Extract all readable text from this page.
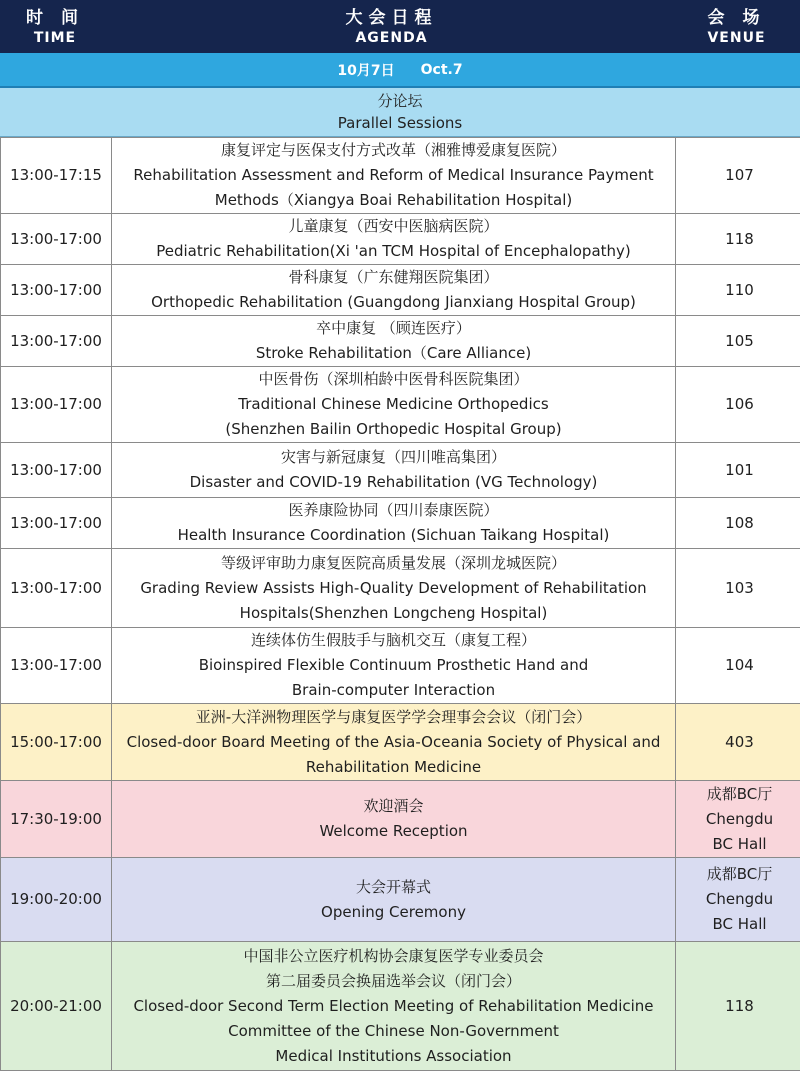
时 间
TIME
大会日程
AGENDA
会 场
VENUE
10月7日 Oct.7
分论坛
Parallel Sessions
13:00-17:15	康复评定与医保支付方式改革（湘雅博爱康复医院）
Rehabilitation Assessment and Reform of Medical Insurance Payment
Methods（Xiangya Boai Rehabilitation Hospital)	107

13:00-17:00	儿童康复（西安中医脑病医院）
Pediatric Rehabilitation(Xi 'an TCM Hospital of Encephalopathy)	118

13:00-17:00	骨科康复（广东健翔医院集团）
Orthopedic Rehabilitation (Guangdong Jianxiang Hospital Group)	110

13:00-17:00	卒中康复 （顾连医疗）
Stroke Rehabilitation（Care Alliance)	105

13:00-17:00	中医骨伤（深圳柏龄中医骨科医院集团）
Traditional Chinese Medicine Orthopedics
(Shenzhen Bailin Orthopedic Hospital Group)	106

13:00-17:00	灾害与新冠康复（四川唯高集团）
Disaster and COVID-19 Rehabilitation (VG Technology)	101

13:00-17:00	医养康险协同（四川泰康医院）
Health Insurance Coordination (Sichuan Taikang Hospital)	108

13:00-17:00	等级评审助力康复医院高质量发展（深圳龙城医院）
Grading Review Assists High-Quality Development of Rehabilitation
Hospitals(Shenzhen Longcheng Hospital)	103

13:00-17:00	连续体仿生假肢手与脑机交互（康复工程）
Bioinspired Flexible Continuum Prosthetic Hand and
Brain-computer Interaction	104

15:00-17:00	亚洲-大洋洲物理医学与康复医学学会理事会会议（闭门会）
Closed-door Board Meeting of the Asia-Oceania Society of Physical and
Rehabilitation Medicine	403

17:30-19:00	欢迎酒会
Welcome Reception	成都BC厅
Chengdu
BC Hall

19:00-20:00	大会开幕式
Opening Ceremony	成都BC厅
Chengdu
BC Hall

20:00-21:00	中国非公立医疗机构协会康复医学专业委员会
第二届委员会换届选举会议（闭门会）
Closed-door Second Term Election Meeting of Rehabilitation Medicine
Committee of the Chinese Non-Government
Medical Institutions Association	118
